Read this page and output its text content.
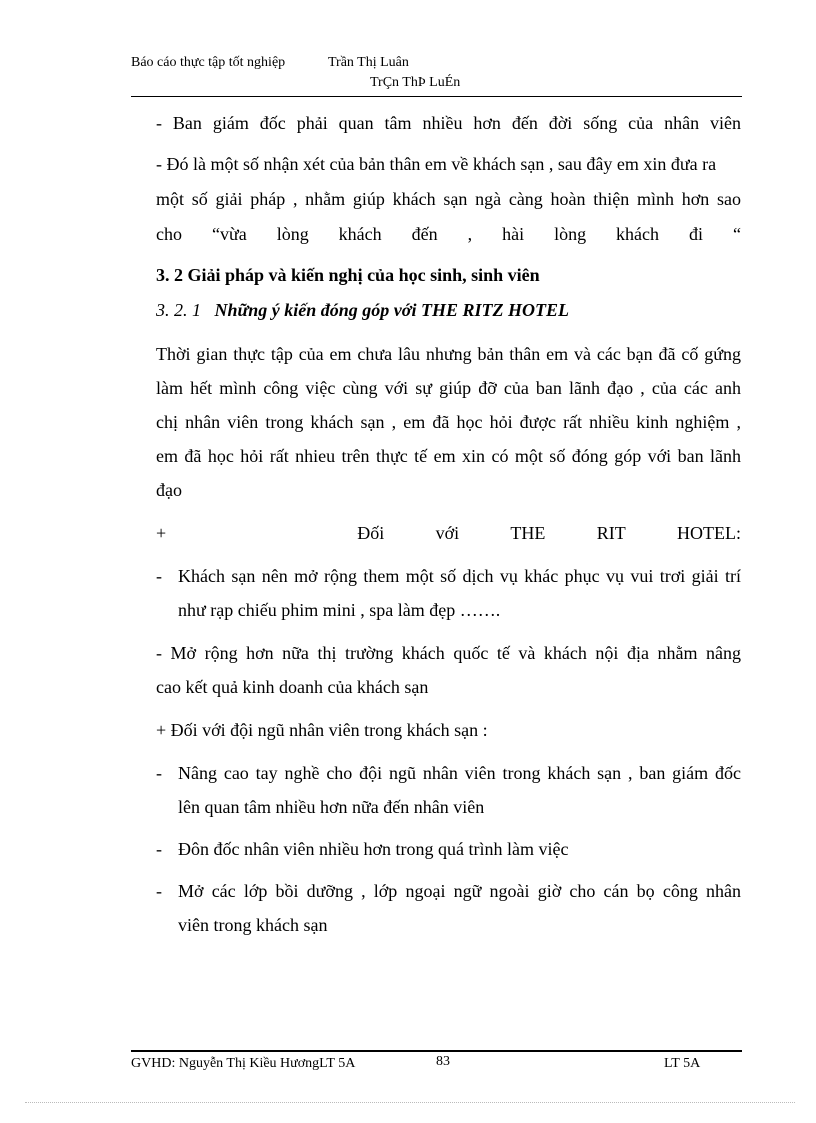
Báo cáo thực tập tốt nghiệp	Trần Thị Luân
TrÇn ThÞ LuÉn
- Ban giám đốc phải quan tâm nhiều hơn đến đời sống của nhân viên
- Đó là một số nhận xét của bản thân em về khách sạn , sau đây em xin đưa ra
một số giải pháp , nhằm giúp khách sạn ngà càng hoàn thiện mình hơn sao
cho “vừa lòng khách đến , hài lòng khách đi “
3. 2 Giải pháp và kiến nghị của học sinh, sinh viên
3. 2. 1 Những ý kiến đóng góp với THE RITZ HOTEL
Thời gian thực tập của em chưa lâu nhưng bản thân em và các bạn đã cố gứng
làm hết mình công việc cùng với sự giúp đỡ của ban lãnh đạo , của các anh
chị nhân viên trong khách sạn , em đã học hỏi được rất nhiều kinh nghiệm ,
em đã học hỏi rất nhieu trên thực tế em xin có một số đóng góp với ban lãnh
đạo
+	Đối	với	THE	RIT	HOTEL:
- Khách sạn nên mở rộng them một số dịch vụ khác phục vụ vui trơi giải trí
như rạp chiếu phim mini , spa làm đẹp …….
- Mở rộng hơn nữa thị trường khách quốc tế và khách nội địa nhằm nâng
cao kết quả kinh doanh của khách sạn
+ Đối với đội ngũ nhân viên trong khách sạn :
- Nâng cao tay nghề cho đội ngũ nhân viên trong khách sạn , ban giám đốc
lên quan tâm nhiều hơn nữa đến nhân viên
- Đôn đốc nhân viên nhiều hơn trong quá trình làm việc
- Mở các lớp bồi dưỡng , lớp ngoại ngữ ngoài giờ cho cán bọ công nhân
viên trong khách sạn
GVHD: Nguyễn Thị Kiều HươngLT 5A	83	LT 5A
